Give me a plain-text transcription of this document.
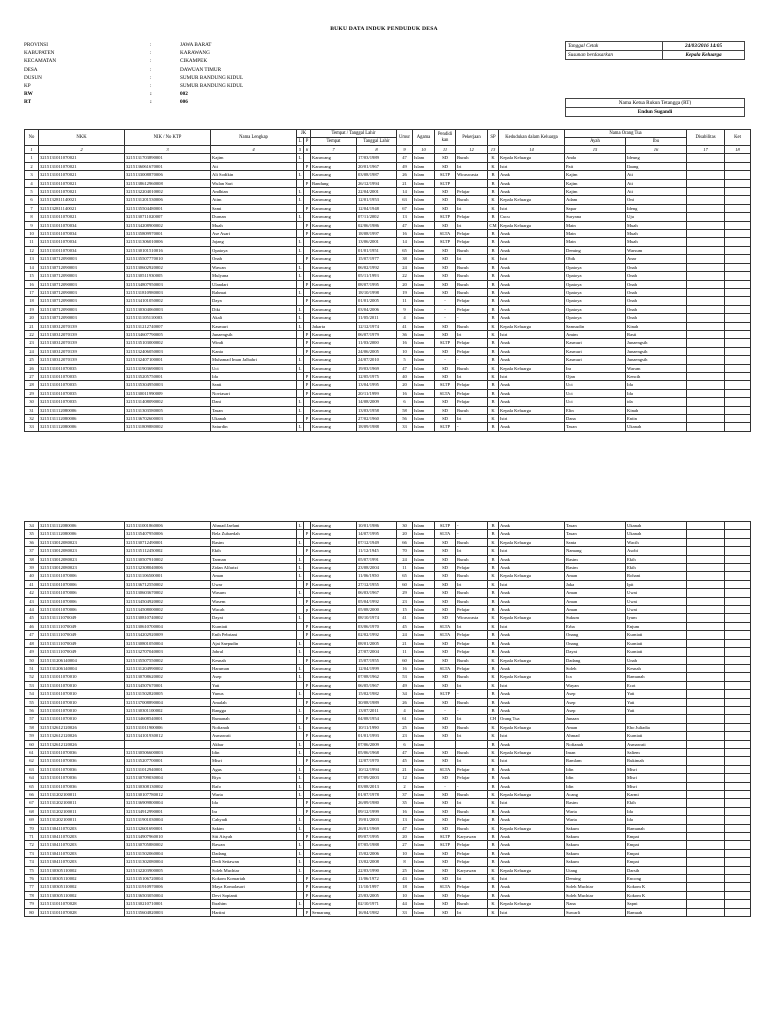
BUKU DATA INDUK PENDUDUK DESA
PROVINSI	:	JAWA BARAT
KABUPATEN	:	KARAWANG
KECAMATAN	:	CIKAMPEK
DESA	:	DAWUAN TIMUR
DUSUN	:	SUMUR BANDUNG KIDUL
KP	:	SUMUR BANDUNG KIDUL
RW	:	002
RT	:	006
Tanggal Cetak	24/03/2016 14:05
Susunan berdasarkan	Kepala Keluarga
Nama Ketua Rukun Tetangga (RT)
Endun Sugandi
No	NKK	NIK / No KTP	Nama Lengkap	JK		Tempat / Tanggal Lahir		Umur	Agama	Pendidi kan	Pekerjaan	SP	Kedudukan dalam Keluarga	Nama Orang Tua		Disabilitas	Ket
				L	P	Tempat	Tanggal Lahir							Ayah	Ibu		
1	2	3	4	5	6	7	8	9	10	11	12	13	14	15	16	17	18
1	3215131011070021	3215131703890001	Kajim	L		Karawang	17/03/1989	47	Islam	SD	Buruh	K	Kepala Keluarga	Anda	Ideung		
2	3215131011070021	3215136061670001	Ati		P	Karawang	20/01/1967	49	Islam	SD	Irt	K	Istri	Pait	Ilaang		
3	3215131011070021	3215133008870006	Ali Sodikin	L		Karawang	03/08/1987	26	Islam	SLTP	Wiraswasta	B	Anak	Kajim	Ati		
4	3215131011070021	3215138612960008	Wulan Sari		P	Bandung	26/12/1994	21	Islam	SLTP		B	Anak	Kajim	Ati		
5	3215131011070021	3215132204010002	Andhian	L		Karawang	22/04/2001	14	Islam	SD	Pelajar	B	Anak	Kajim	Ati		
6	3215132811140021	3215131201530006	Atim	L		Karawang	12/01/1953	63	Islam	SD	Buruh	K	Kepala Keluarga	Adam	Oni		
7	3215132811140021	3215135504480001	Sami		P	Karawang	12/04/1948	67	Islam	SD	Irt	K	Istri	Sapar	Ideng		
8	3215131011070021	3215130711020007	Durnan	L		Karawang	07/11/2002	13	Islam	SLTP	Pelajar	B	Cucu	Suryana	Uju		
9	3215131011070034	3215134208900002	Muah		P	Karawang	02/06/1986	47	Islam	SD	Irt	CM	Kepala Keluarga	Main	Muah		
10	3215131011070034	3215135809970001	Ase Asari		P	Karawang	18/08/1997	16	Islam	SLTA	Pelajar	B	Anak	Main	Muah		
11	3215131011070034	3215131306010006	Jajang	L		Karawang	13/06/2001	14	Islam	SLTP	Pelajar	B	Anak	Main	Muah		
12	3215131011070034	3215130101510016	Opatoya	L		Karawang	01/01/1951	65	Islam	SD	Buruh	B	Anak	Deming	Warsum		
13	3215130712090003	3215135507770010	Onah		P	Karawang	15/07/1977	38	Islam	SD	Irt	K	Istri	Obik	Anar		
14	3215130712090003	3215130602920002	Wawan	L		Karawang	06/02/1992	24	Islam	SD	Buruh	B	Anak	Opatoya	Onah		
15	3215130712090003	3215130511930005	Mulyana	L		Karawang	05/11/1993	22	Islam	SD	Buruh	B	Anak	Opatoya	Onah		
16	3215130712090003	3215134807950003	Ulandari		P	Karawang	08/07/1995	20	Islam	SD	Buruh	B	Anak	Opatoya	Onah		
17	3215130712090003	3215131810980003	Rahmat	L		Karawang	18/10/1998	19	Islam	SD	Buruh	B	Anak	Opatoya	Onah		
18	3215130712090003	3215134101050002	Daya		P	Karawang	01/01/2005	11	Islam	-	Pelajar	B	Anak	Opatoya	Onah		
19	3215130712090003	3215130304060003	Diki	L		Karawang	03/04/2006	9	Islam	-	Pelajar	B	Anak	Opatoya	Onah		
20	3215130712090003	3215131105110003	Akali	L		Karawang	11/05/2011	4	Islam	-	-	B	Anak	Opatoya	Onah		
21	3215130312070139	3215131212740007	Kasmuri	L		Jakarta	12/12/1974	41	Islam	SD	Buruh	K	Kepala Keluarga	Samsudin	Kinah		
22	3215130312070139	3215134607790005	Junaengsih		P	Karawang	06/07/1979	36	Islam	SD	Irt	K	Istri	Amim	Rasti		
23	3215130312070139	3215135103000002	Windi		P	Karawang	11/03/2000	16	Islam	SLTP	Pelajar	B	Anak	Kasmuri	Junaengsih		
24	3215130312070139	3215132406050003	Kania		P	Karawang	24/06/2005	10	Islam	SD	Pelajar	B	Anak	Kasmuri	Junaengsih		
25	3215130312070139	3215132407100001	Muhamad Iman Jalbahri	L		Karawang	24/07/2010	5	Islam	-	-	B	Anak	Kasmuri	Junaengsih		
26	3215131011070035	3215131903690003	Uci	L		Karawang	19/03/1969	47	Islam	SD	Buruh	K	Kepala Keluarga	Ira	Warum		
27	3215131011070035	3215135205750001	Ida		P	Karawang	12/05/1975	40	Islam	SD	Irt	K	Istri	Ojan	Kencih		
28	3215131011070035	3215135304950003	Santi		P	Karawang	13/04/1995	20	Islam	SLTP	Pelajar	B	Anak	Uci	Ida		
29	3215131011070035	3215130011990009	Noviasari		P	Karawang	20/11/1999	16	Islam	SLTA	Pelajar	B	Anak	Uci	Ida		
30	3215131011070035	3215131408090002	Dani	L		Karawang	14/08/2009	6	Islam	SD	Pelajar	B	Anak	Uci	ida		
31	3215131112080006	3215131303580005	Tasan	L		Karawang	13/03/1958	58	Islam	SD	Buruh	K	Kepala Keluarga	Elin	Kinah		
32	3215131112080006	3215136702600003	Ukanah		P	Karawang	27/02/1960	56	Islam	SD	Irt	K	Istri	Dana	Entin		
33	3215131112080006	3215131809880002	Saturdin	L		Karawang	18/09/1988	33	Islam	SLTP	-	B	Anak	Tasan	Ukanah		
34	3215131112080006	3215131001860006	Ahmad Jaelani	L		Karawang	10/01/1986	30	Islam	SLTP	-	B	Anak	Tasan	Ukanah		
35	3215131112080006	3215135407950006	Bela Zubaedah		P	Karawang	14/07/1995	20	Islam	SLTA	-	B	Anak	Tasan	Ukanah		
36	3215133012080023	3215130712490001	Rasim	L		Karawang	07/12/1949	66	Islam	SD	Buruh	K	Kepala Keluarga	Santa	Wacih		
37	3215133012080023	3215135112450002	Ekih		P	Karawang	11/12/1945	70	Islam	SD	Irt	K	Istri	Namang	Asobi		
38	3215133012080023	3215130507910002	Tarman	L		Karawang	05/07/1991	24	Islam	SD	Buruh	B	Anak	Rasim	Ekih		
39	3215133012080023	3215132308040006	Zidan Alfarizi	L		Karawang	23/08/2004	11	Islam	SD	Pelajar	B	Anak	Rasim	Ekih		
40	3215131011070006	3215131106500001	Aman	L		Karawang	11/06/1950	65	Islam	SD	Buruh	K	Kepala Keluarga	Aman	Rohani		
41	3215131011070006	3215136712550002	Uwar		P	Karawang	27/12/1955	60	Islam	SD	Irt	K	Istri	Jaka	Ipit		
42	3215131011070006	3215130603670002	Wasum	L		Karawang	06/03/1967	29	Islam	SD	Buruh	B	Anak	Aman	Uwat		
43	3215131011070006	3215134504920002	Wasem		P	Karawang	05/04/1992	23	Islam	SD	Buruh	B	Anak	Aman	Uwat		
44	3215131011070006	3215134508000002	Wacah		p	Karawang	05/08/2000	15	Islam	SD	Pelajar	B	Anak	Aman	Uwat		
45	3215131111070049	3215130810740002	Dayat	L		Karawang	08/10/1974	41	Islam	SD	Wiraswasta	K	Kepala Keluarga	Sukum	Iyum		
46	3215131111070049	3215130610700004	Kurniati		P	Karawang	03/06/1970	45	Islam	SLTA	Irt	K	Istri	Erba	Enjum		
47	3215131111070049	3215134202920009	Enih Pebriani		P	Karawang	02/02/1992	24	Islam	SLTA	Pelajar	B	Anak	Onang	Kurniati		
48	3215131111070049	3215130801050004	Ajat Saepudin	L		Karawang	08/01/2005	21	Islam	SD	Pelajar	B	Anak	Onang	Kurniati		
49	3215131111070049	3215132707040003	Jabrul	L		Karawang	27/07/2004	11	Islam	SD	Pelajar	B	Anak	Dayat	Kurniati		
50	3215131206140004	3215135507550002	Kesnah		P	Karawang	15/07/1955	60	Islam	SD	Buruh	K	Kepala Keluarga	Dadang	Unah		
51	3215131206140004	3215131204990002	Haruman	L		Karawang	12/04/1999	16	Islam	SLTA	Pelajar	B	Anak	Soleh	Kesnah		
52	3215131011070010	3215130708620002	Asep	L		Karawang	07/08/1962	53	Islam	SD	Buruh	K	Kepala Keluarga	Ica	Ramunah		
53	3215131011070010	3215134507670001	Yati		P	Karawang	06/05/1967	49	Islam	SD	Irt	K	Istri	Wayan	Ecot		
54	3215131011070010	3215131502820005	Yunus	L		Karawang	15/02/1982	34	Islam	SLTP	-	B	Anak	Asep	Yati		
55	3215131011070010	3215137008890004	Amalah		P	Karawang	30/08/1989	26	Islam	SD	Buruh	B	Anak	Asep	Yati		
56	3215131011070010	3215130301100002	Rangga	L		Karawang	13/07/2011	4	Islam	-	-	B	Anak	Asep	Yati		
57	3215131011070010	3215134608540001	Rumanah		P	Karawang	04/08/1954	61	Islam	SD	Irt	CH	Orang Tua	Junaan			
58	3215132612120026	3215131011900006	Nofianah	L		Karawang	10/11/1990	25	Islam	SD	Buruh	K	Kepala Keluarga	Aman	Eho Juliadia		
59	3215132612120026	3215134101930012	Asmawati		P	Karawang	01/01/1993	23	Islam	SD	Irt	K	Istri	Ahmad	Kurniati		
60	3215132612120026		Akbar	L		Karawang	07/06/2009	6	Islam			B	Anak	Nofianah	Asmawati		
61	3215131011070036	3215130506600003	Idin	L		Karawang	05/06/1968	47	Islam	SD	Buruh	K	Kepala Keluarga	Iman	Saliem		
62	3215131011070036	3215135207700001	Misri		P	Karawang	12/07/1970	45	Islam	SD	Irt	K	Istri	Ramlam	Rukimah		
63	3215131011070036	3215131012940001	Agus	L		Karawang	10/12/1994	21	Islam	SLTA	Pelajar	B	Anak	Idin	Misri		
64	3215131011070036	3215130709030004	Riya	L		Karawang	07/09/2003	12	Islam	SD	Pelajar	B	Anak	Idin	Misri		
65	3215131011070036	3215130308130002	Rafo	L		Karawang	03/08/2013	2	Islam	-	-	B	Anak	Idin	Misri		
66	3215131202100011	3215130107780012	Warta	L		Karawang	01/07/1978	37	Islam	SD	Buruh	K	Kepala Keluarga	Acang	Karmi		
67	3215131202100011	3215136909800004	Ida		P	Karawang	26/09/1980	35	Islam	SD	Irt	K	Istri	Rasim	Ekih		
68	3215131202100011	3215134912990001	Ira		P	Karawang	09/12/1999	16	Islam	SD	Buruh	B	Anak	Warta	Ida		
69	3215131202100011	3215131901030004	Cahyadi	L		Karawang	19/01/2003	13	Islam	SD	Pelajar	B	Anak	Warta	Ida		
70	3215130411070203	3215132601690001	Sakim	L		Karawang	26/01/1969	47	Islam	SD	Buruh	K	Kepala Keluarga	Sakum	Ramunah		
71	3215130411070203	3215134907960010	Siti Aisyah		P	Karawang	09/07/1995	20	Islam	SLTP	Karyawan	B	Anak	Sakum	Empat		
72	3215130411070203	3215130705880002	Rawan	L		Karawang	07/05/1988	27	Islam	SLTP	Pelajar	B	Anak	Sakum	Empat		
73	3215130411070203	3215131502060004	Dadang	L		Karawang	15/02/2006	10	Islam	SD	Pelajar	B	Anak	Sakum	Empat		
74	3215130411070203	3215131302080004	Dedi Setiawan	L		Karawang	13/02/2008	8	Islam	SD	Pelajar	B	Anak	Sakum	Empat		
75	3215130305110002	3215132203900005	Soleh Muchtar	L		Karawang	22/03/1990	25	Islam	SD	Karyawan	K	Kepala Keluarga	Utang	Darsih		
76	3215130305110002	3215135106720004	Kokom Komariah		P	Karawang	11/06/1972	43	Islam	SD	Irt	K	Istri	Deming	Encong		
77	3215130305110002	3215131910970006	Maya Komalasari		P	Karawang	11/10/1997	18	Islam	SLTA	Pelajar	B	Anak	Soleh Muchtar	Kokom K		
78	3215130305110002	3215136503050004	Devi Sopianti		P	Karawang	25/03/2005	10	Islam	SD	Pelajar	B	Anak	Soleh Muchtar	Kokom K		
79	3215131011070028	3215130210710001	Ibrahim	L		Karawang	02/10/1971	44	Islam	SD	Buruh	K	Kepala Keluarga	Nana	Sapni		
80	3215131011070028	3215135604820003	Hartini		P	Semarang	16/04/1982	33	Islam	SD	Irt	K	Istri	Suwarli	Ramuah		
